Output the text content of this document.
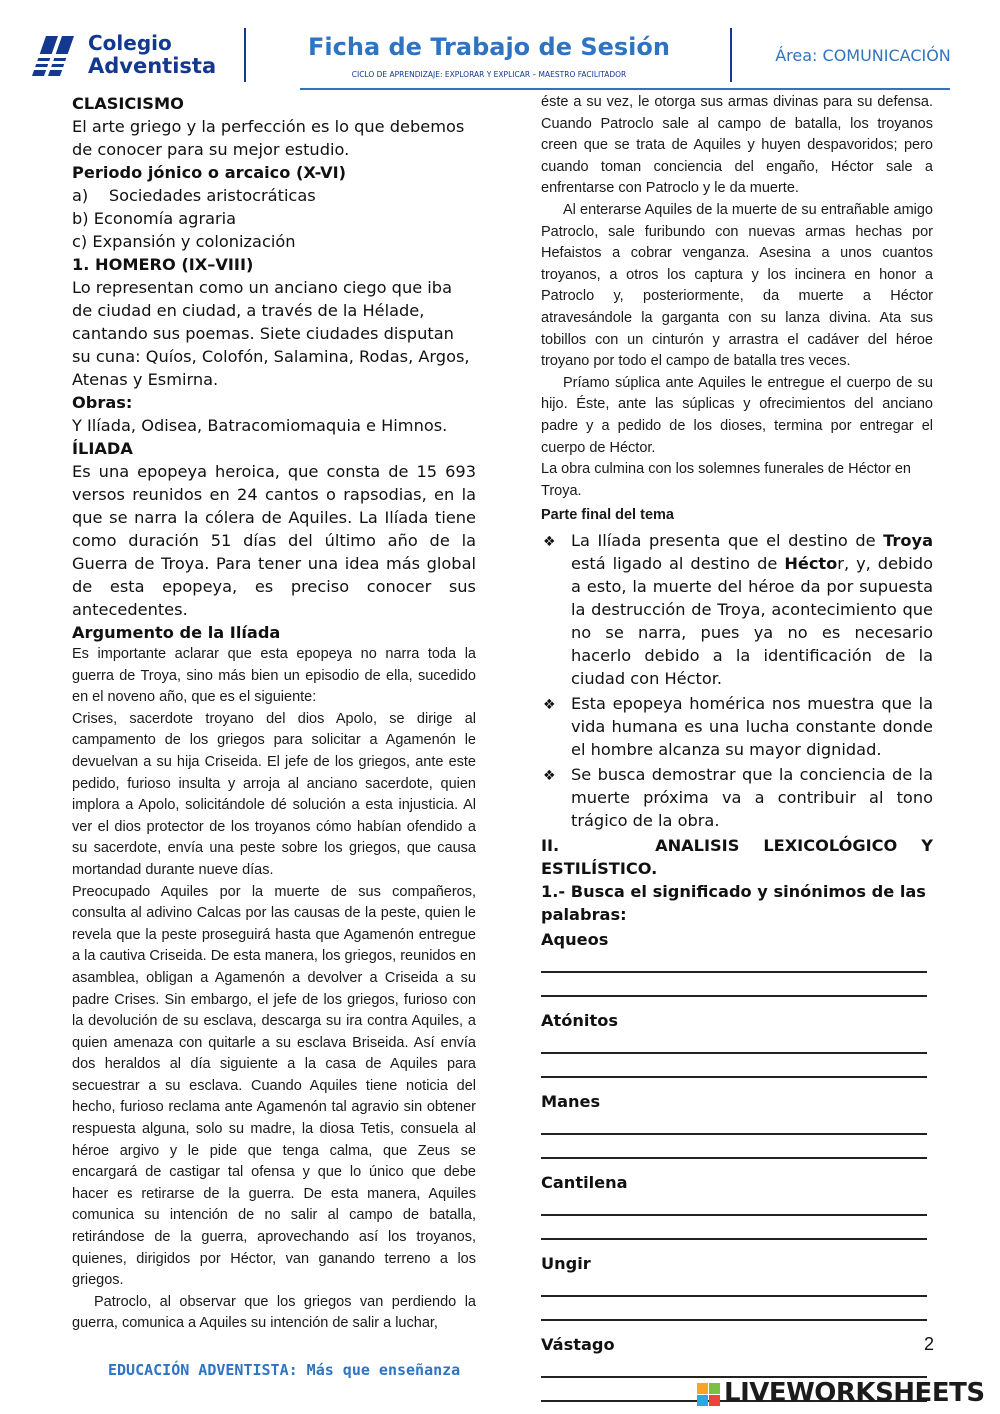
Colegio
Adventista
Ficha de Trabajo de Sesión
CICLO DE APRENDIZAJE: EXPLORAR Y EXPLICAR – MAESTRO FACILITADOR
Área: COMUNICACIÓN
CLASICISMO

El arte griego y la perfección es lo que debemos de conocer para su mejor estudio.

Periodo jónico o arcaico (X-VI)
a)    Sociedades aristocráticas
b) Economía agraria
c) Expansión y colonización
1. HOMERO (IX–VIII)

Lo representan como un anciano ciego que iba de ciudad en ciudad, a través de la Hélade, cantando sus poemas. Siete ciudades disputan su cuna: Quíos, Colofón, Salamina, Rodas, Argos, Atenas y Esmirna.

Obras:

Y Ilíada, Odisea, Batracomiomaquia e Himnos.

ÍLIADA

Es una epopeya heroica, que consta de 15 693 versos reunidos en 24 cantos o rapsodias, en la que se narra la cólera de Aquiles. La Ilíada tiene como duración 51 días del último año de la Guerra de Troya. Para tener una idea más global de esta epopeya, es preciso conocer sus antecedentes.

Argumento de la Ilíada

Es importante aclarar que esta epopeya no narra toda la guerra de Troya, sino más bien un episodio de ella, sucedido en el noveno año, que es el siguiente:

Crises, sacerdote troyano del dios Apolo, se dirige al campamento de los griegos para solicitar a Agamenón le devuelvan a su hija Criseida. El jefe de los griegos, ante este pedido, furioso insulta y arroja al anciano sacerdote, quien implora a Apolo, solicitándole dé solución a esta injusticia. Al ver el dios protector de los troyanos cómo habían ofendido a su sacerdote, envía una peste sobre los griegos, que causa mortandad durante nueve días.

Preocupado Aquiles por la muerte de sus compañeros, consulta al adivino Calcas por las causas de la peste, quien le revela que la peste proseguirá hasta que Agamenón entregue a la cautiva Criseida. De esta manera, los griegos, reunidos en asamblea, obligan a Agamenón a devolver a Criseida a su padre Crises. Sin embargo, el jefe de los griegos, furioso con la devolución de su esclava, descarga su ira contra Aquiles, a quien amenaza con quitarle a su esclava Briseida. Así envía dos heraldos al día siguiente a la casa de Aquiles para secuestrar a su esclava. Cuando Aquiles tiene noticia del hecho, furioso reclama ante Agamenón tal agravio sin obtener respuesta alguna, solo su madre, la diosa Tetis, consuela al héroe argivo y le pide que tenga calma, que Zeus se encargará de castigar tal ofensa y que lo único que debe hacer es retirarse de la guerra. De esta manera, Aquiles comunica su intención de no salir al campo de batalla, retirándose de la guerra, aprovechando así los troyanos, quienes, dirigidos por Héctor, van ganando terreno a los griegos.

Patroclo, al observar que los griegos van perdiendo la guerra, comunica a Aquiles su intención de salir a luchar,

éste a su vez, le otorga sus armas divinas para su defensa. Cuando Patroclo sale al campo de batalla, los troyanos creen que se trata de Aquiles y huyen despavoridos; pero cuando toman conciencia del engaño, Héctor sale a enfrentarse con Patroclo y le da muerte.

Al enterarse Aquiles de la muerte de su entrañable amigo Patroclo, sale furibundo con nuevas armas hechas por Hefaistos a cobrar venganza. Asesina a unos cuantos troyanos, a otros los captura y los incinera en honor a Patroclo y, posteriormente, da muerte a Héctor atravesándole la garganta con su lanza divina. Ata sus tobillos con un cinturón y arrastra el cadáver del héroe troyano por todo el campo de batalla tres veces.

Príamo súplica ante Aquiles le entregue el cuerpo de su hijo. Éste, ante las súplicas y ofrecimientos del anciano padre y a pedido de los dioses, termina por entregar el cuerpo de Héctor.

La obra culmina con los solemnes funerales de Héctor en Troya.

Parte final del tema
❖ La Ilíada presenta que el destino de Troya está ligado al destino de Héctor, y, debido a esto, la muerte del héroe da por supuesta la destrucción de Troya, acontecimiento que no se narra, pues ya no es necesario hacerlo debido a la identificación de la ciudad con Héctor.
❖ Esta epopeya homérica nos muestra que la vida humana es una lucha constante donde el hombre alcanza su mayor dignidad.
❖ Se busca demostrar que la conciencia de la muerte próxima va a contribuir al tono trágico de la obra.
II.    ANALISIS LEXICOLÓGICO Y ESTILÍSTICO.
1.- Busca el significado y sinónimos de las palabras:
Aqueos
Atónitos
Manes
Cantilena
Ungir
Vástago	2
EDUCACIÓN ADVENTISTA: Más que enseñanza
LIVEWORKSHEETS
